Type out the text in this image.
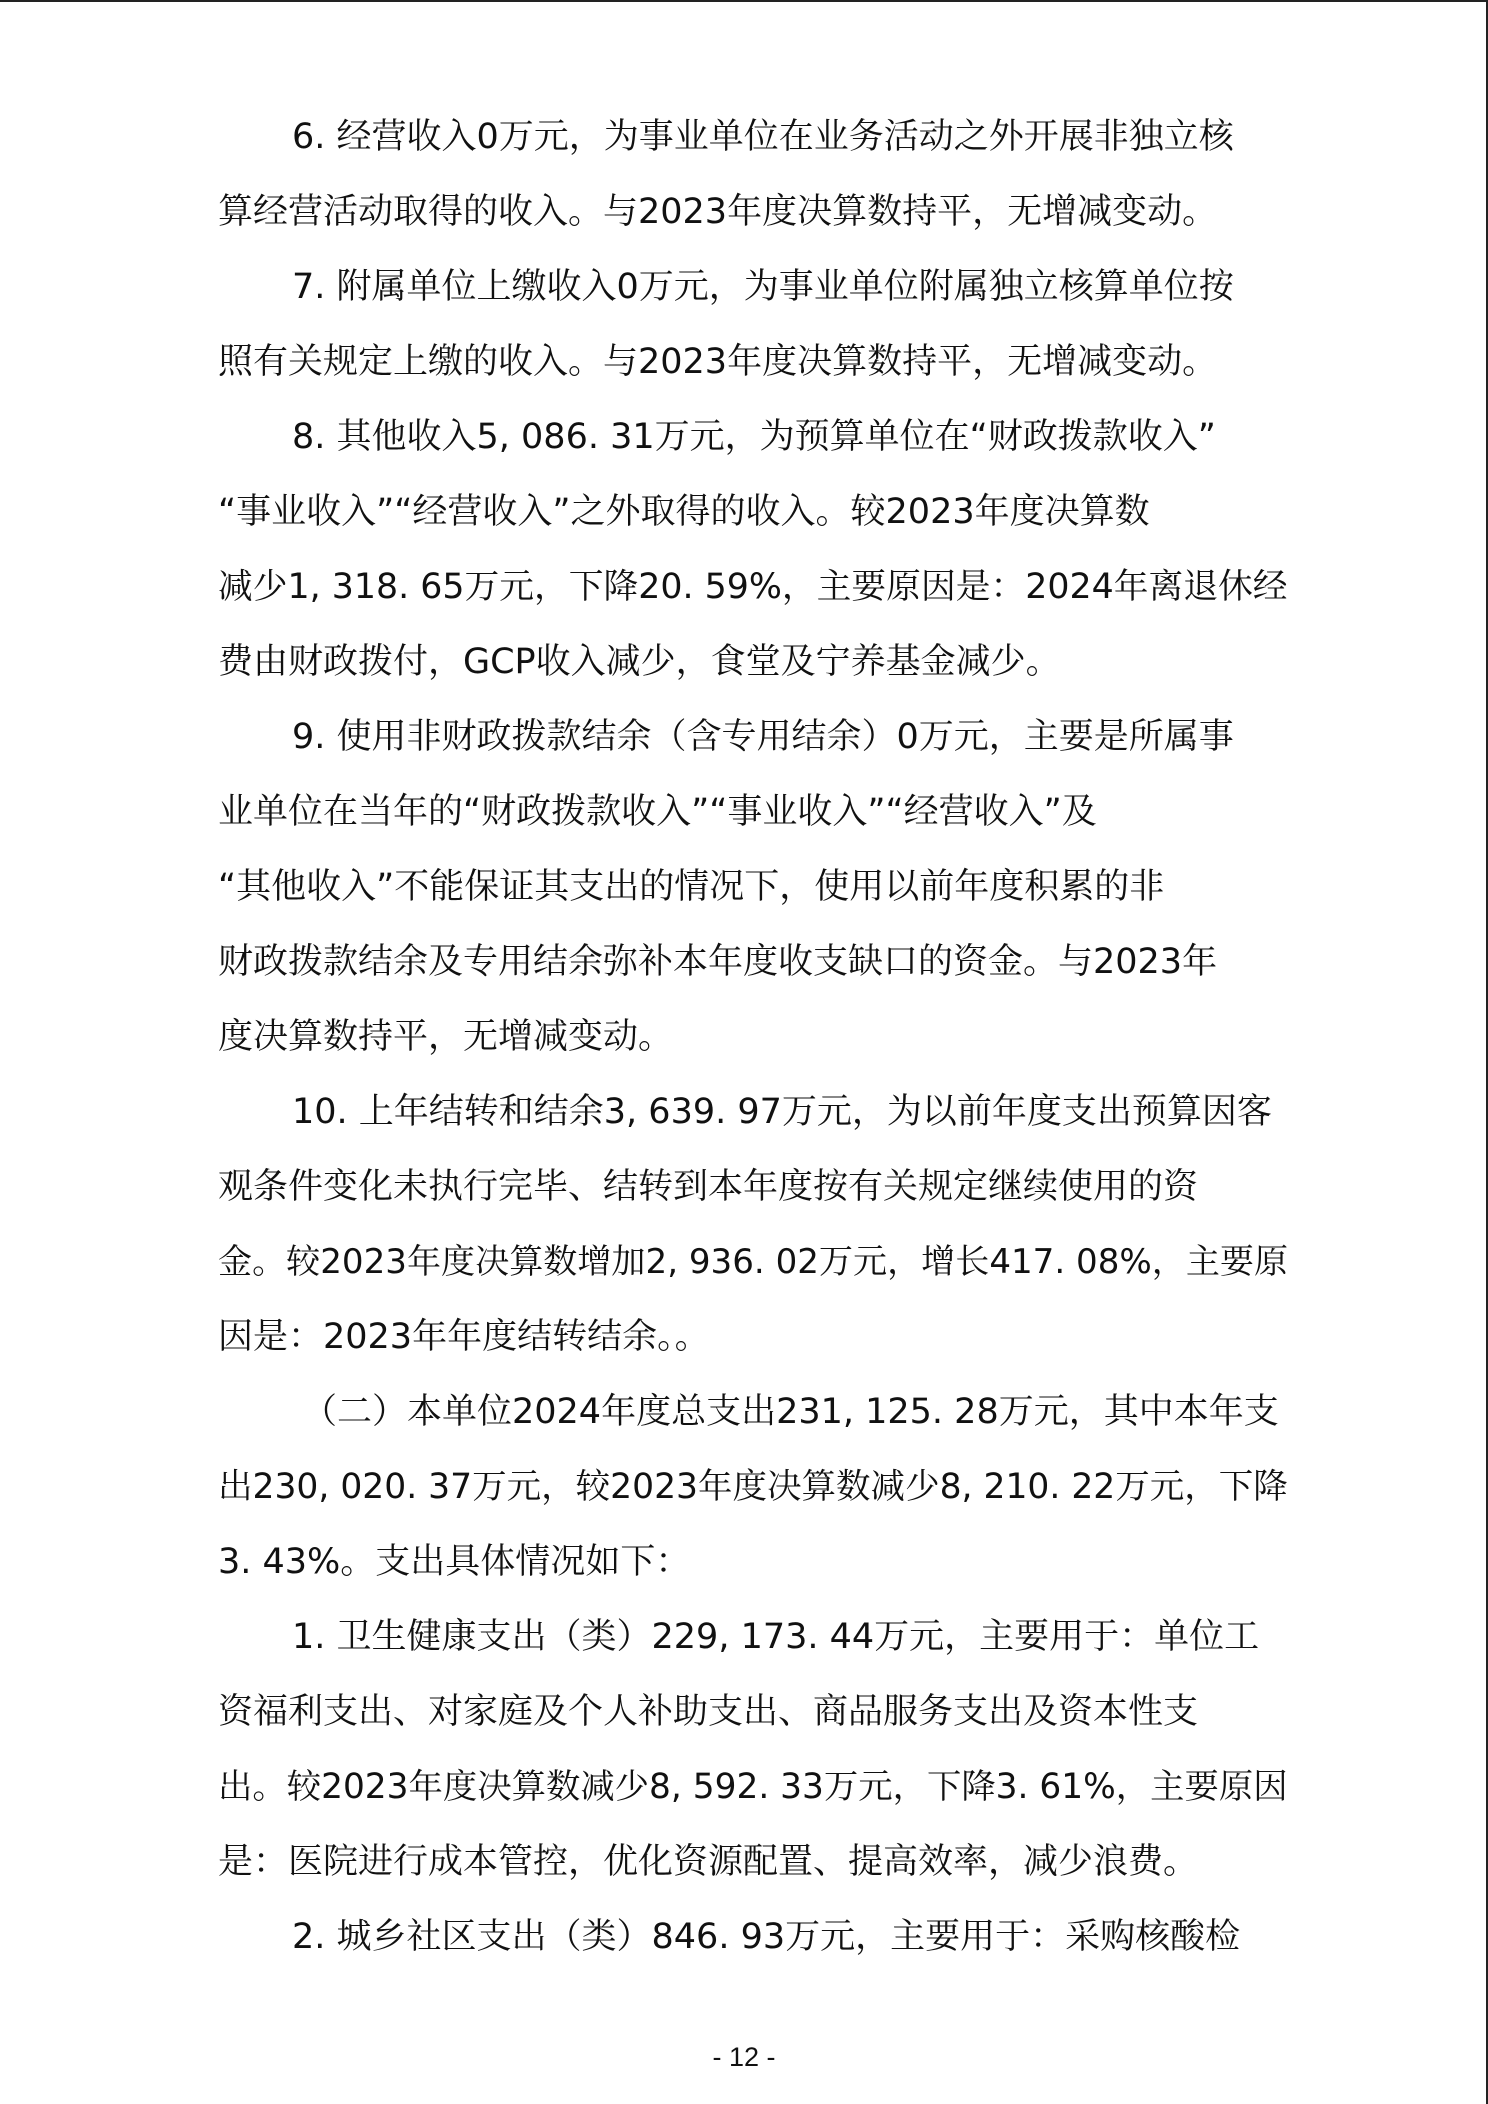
6. 经营收入0万元，为事业单位在业务活动之外开展非独立核
算经营活动取得的收入。与2023年度决算数持平，无增减变动。
7. 附属单位上缴收入0万元，为事业单位附属独立核算单位按
照有关规定上缴的收入。与2023年度决算数持平，无增减变动。
8. 其他收入5, 086. 31万元，为预算单位在“财政拨款收入”
“事业收入”“经营收入”之外取得的收入。较2023年度决算数
减少1, 318. 65万元，下降20. 59%，主要原因是：2024年离退休经
费由财政拨付，GCP收入减少，食堂及宁养基金减少。
9. 使用非财政拨款结余（含专用结余）0万元，主要是所属事
业单位在当年的“财政拨款收入”“事业收入”“经营收入”及
“其他收入”不能保证其支出的情况下，使用以前年度积累的非
财政拨款结余及专用结余弥补本年度收支缺口的资金。与2023年
度决算数持平，无增减变动。
10. 上年结转和结余3, 639. 97万元，为以前年度支出预算因客
观条件变化未执行完毕、结转到本年度按有关规定继续使用的资
金。较2023年度决算数增加2, 936. 02万元，增长417. 08%，主要原
因是：2023年年度结转结余。。
（二）本单位2024年度总支出231, 125. 28万元，其中本年支
出230, 020. 37万元，较2023年度决算数减少8, 210. 22万元，下降
3. 43%。支出具体情况如下：
1. 卫生健康支出（类）229, 173. 44万元，主要用于：单位工
资福利支出、对家庭及个人补助支出、商品服务支出及资本性支
出。较2023年度决算数减少8, 592. 33万元，下降3. 61%，主要原因
是：医院进行成本管控，优化资源配置、提高效率，减少浪费。
2. 城乡社区支出（类）846. 93万元，主要用于：采购核酸检
- 12 -
